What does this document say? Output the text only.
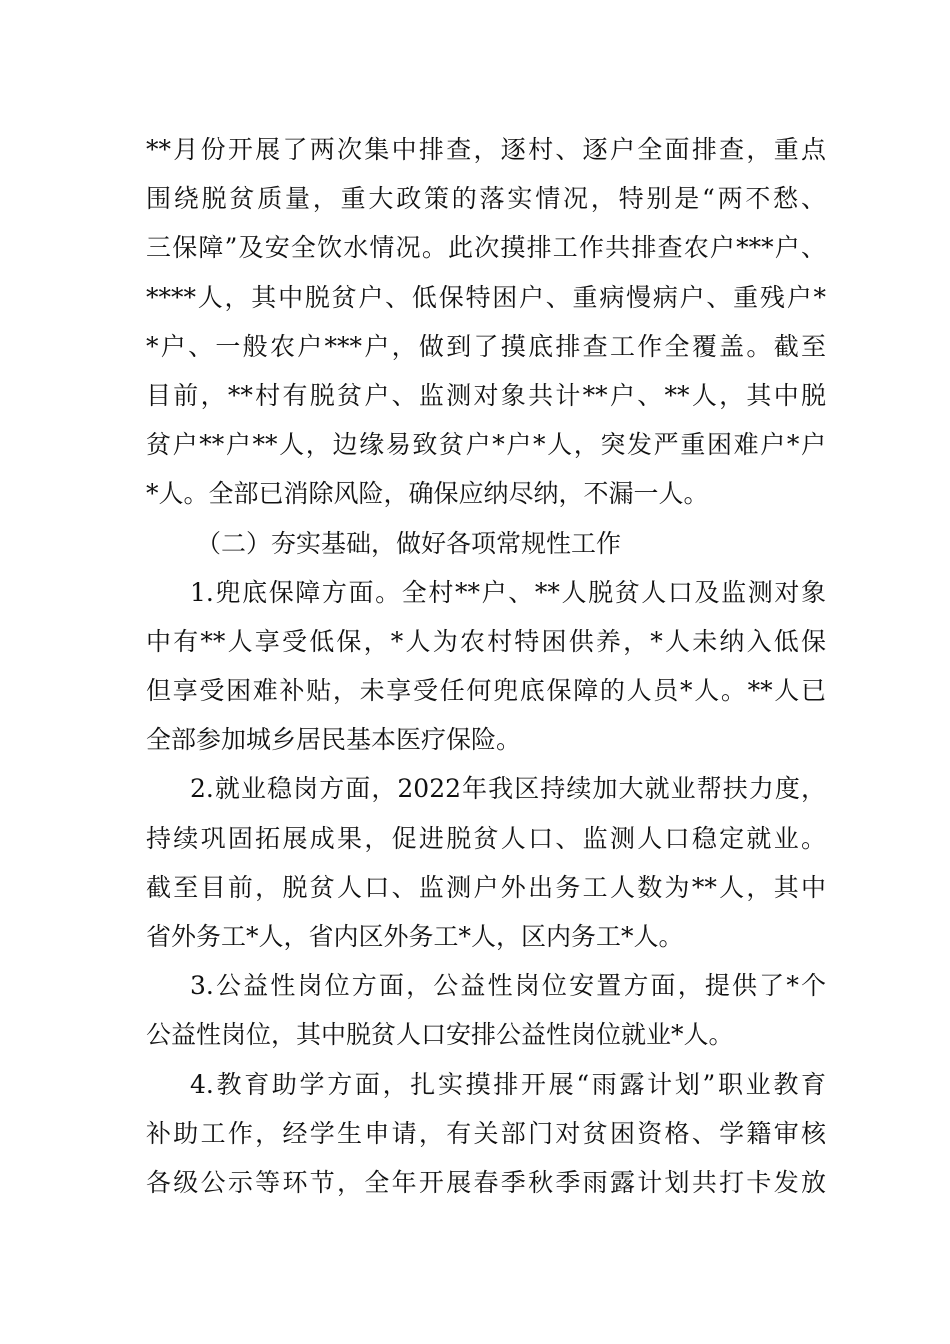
**月份开展了两次集中排查，逐村、逐户全面排查，重点
围绕脱贫质量，重大政策的落实情况，特别是“两不愁、
三保障”及安全饮水情况。此次摸排工作共排查农户***户、
****人，其中脱贫户、低保特困户、重病慢病户、重残户*
*户、一般农户***户，做到了摸底排查工作全覆盖。截至
目前，**村有脱贫户、监测对象共计**户、**人，其中脱
贫户**户**人，边缘易致贫户*户*人，突发严重困难户*户
*人。全部已消除风险，确保应纳尽纳，不漏一人。
（二）夯实基础，做好各项常规性工作
1.兜底保障方面。全村**户、**人脱贫人口及监测对象
中有**人享受低保，*人为农村特困供养，*人未纳入低保
但享受困难补贴，未享受任何兜底保障的人员*人。**人已
全部参加城乡居民基本医疗保险。
2.就业稳岗方面，2022年我区持续加大就业帮扶力度，
持续巩固拓展成果，促进脱贫人口、监测人口稳定就业。
截至目前，脱贫人口、监测户外出务工人数为**人，其中
省外务工*人，省内区外务工*人，区内务工*人。
3.公益性岗位方面，公益性岗位安置方面，提供了*个
公益性岗位，其中脱贫人口安排公益性岗位就业*人。
4.教育助学方面，扎实摸排开展“雨露计划”职业教育
补助工作，经学生申请，有关部门对贫困资格、学籍审核
各级公示等环节，全年开展春季秋季雨露计划共打卡发放
